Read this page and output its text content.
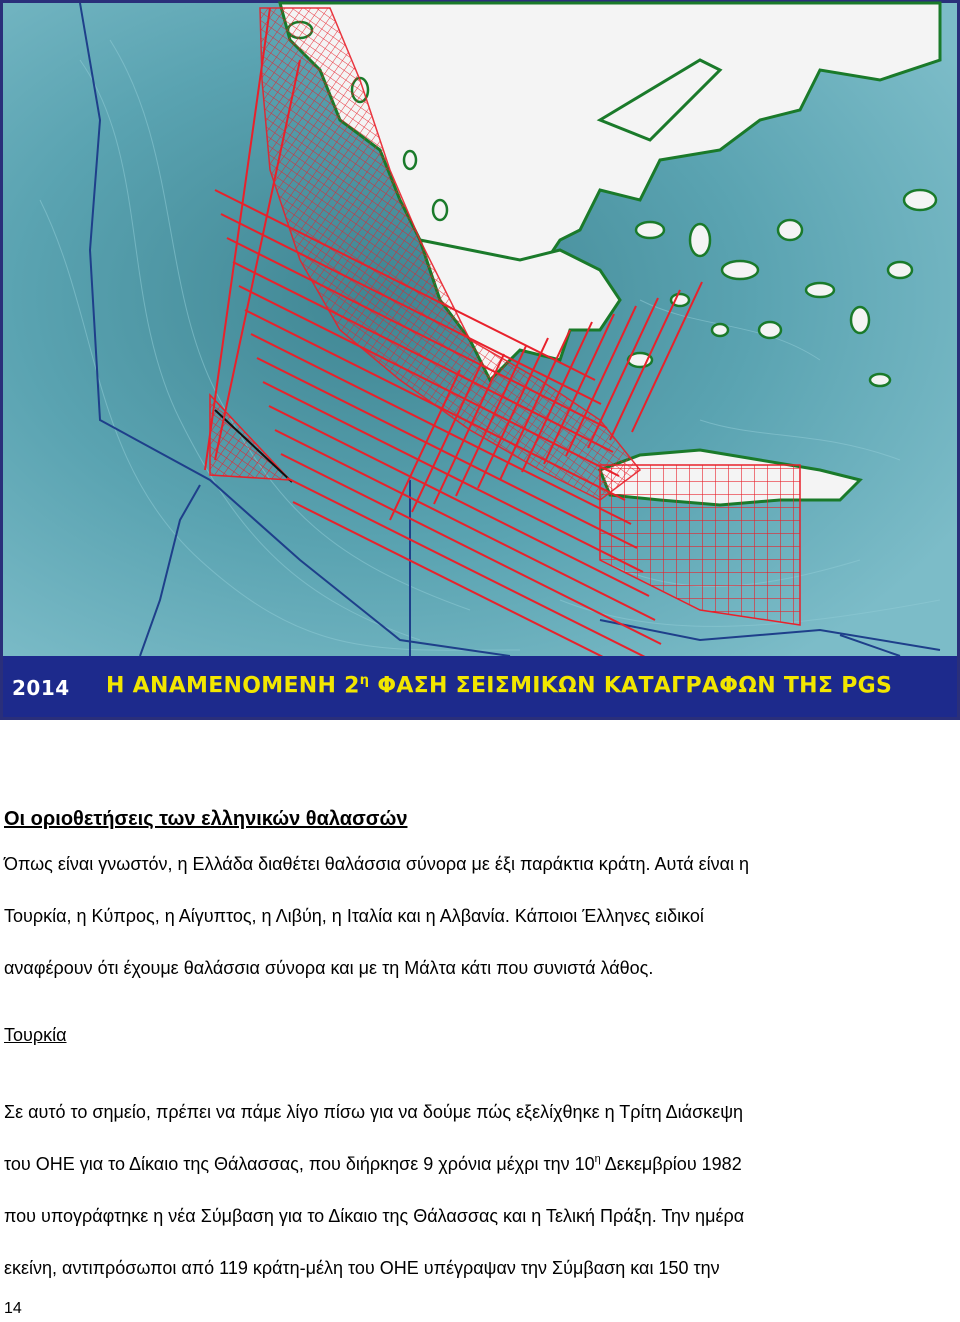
2014 Η ΑΝΑΜΕΝΟΜΕΝΗ $2^\eta$ ΦΑΣΗ ΣΕΙΣΜΙΚΩΝ ΚΑΤΑΓΡΑΦΩΝ ΤΗΣ PGS
Οι οριοθετήσεις των ελληνικών θαλασσών
Όπως είναι γνωστόν, η Ελλάδα διαθέτει θαλάσσια σύνορα με έξι παράκτια κράτη. Αυτά είναι η
Τουρκία, η Κύπρος, η Αίγυπτος, η Λιβύη, η Ιταλία και η Αλβανία. Κάποιοι Έλληνες ειδικοί
αναφέρουν ότι έχουμε θαλάσσια σύνορα και με τη Μάλτα κάτι που συνιστά λάθος.
Τουρκία
Σε αυτό το σημείο, πρέπει να πάμε λίγο πίσω για να δούμε πώς εξελίχθηκε η Τρίτη Διάσκεψη
του ΟΗΕ για το Δίκαιο της Θάλασσας, που διήρκησε 9 χρόνια μέχρι την $10^\eta$ Δεκεμβρίου 1982
που υπογράφτηκε η νέα Σύμβαση για το Δίκαιο της Θάλασσας και η Τελική Πράξη. Την ημέρα
εκείνη, αντιπρόσωποι από 119 κράτη-μέλη του ΟΗΕ υπέγραψαν την Σύμβαση και 150 την
14
